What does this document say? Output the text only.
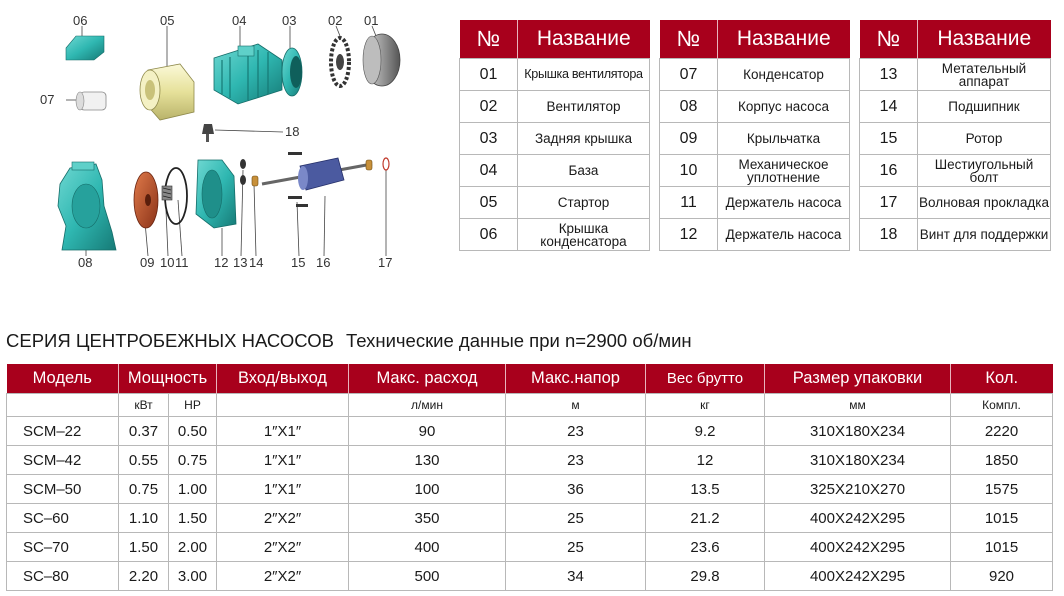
06	05	04	03 02 01
07
18
08	09 10 11 12 13 14 15 16	17
№	Название
01	Крышка вентилятора
02	Вентилятор
03	Задняя крышка
04	База
05	Стартор
06	Крышка конденсатора
№	Название
07	Конденсатор
08	Корпус насоса
09	Крыльчатка
10	Механическое уплотнение
11	Держатель насоса
12	Держатель насоса
№	Название
13	Метательный аппарат
14	Подшипник
15	Ротор
16	Шестиугольный болт
17	Волновая прокладка
18	Винт для поддержки
СЕРИЯ ЦЕНТРОБЕЖНЫХ НАСОСОВ Технические данные при n=2900 об/мин
Модель	Мощность		Вход/выход	Макс. расход	Макс.напор	Вес брутто	Размер упаковки	Кол.
	кВт	HP		л/мин	м	кг	мм	Компл.
SCM–22	0.37	0.50	1″X1″	90	23	9.2	310X180X234	2220
SCM–42	0.55	0.75	1″X1″	130	23	12	310X180X234	1850
SCM–50	0.75	1.00	1″X1″	100	36	13.5	325X210X270	1575
SC–60	1.10	1.50	2″X2″	350	25	21.2	400X242X295	1015
SC–70	1.50	2.00	2″X2″	400	25	23.6	400X242X295	1015
SC–80	2.20	3.00	2″X2″	500	34	29.8	400X242X295	920
